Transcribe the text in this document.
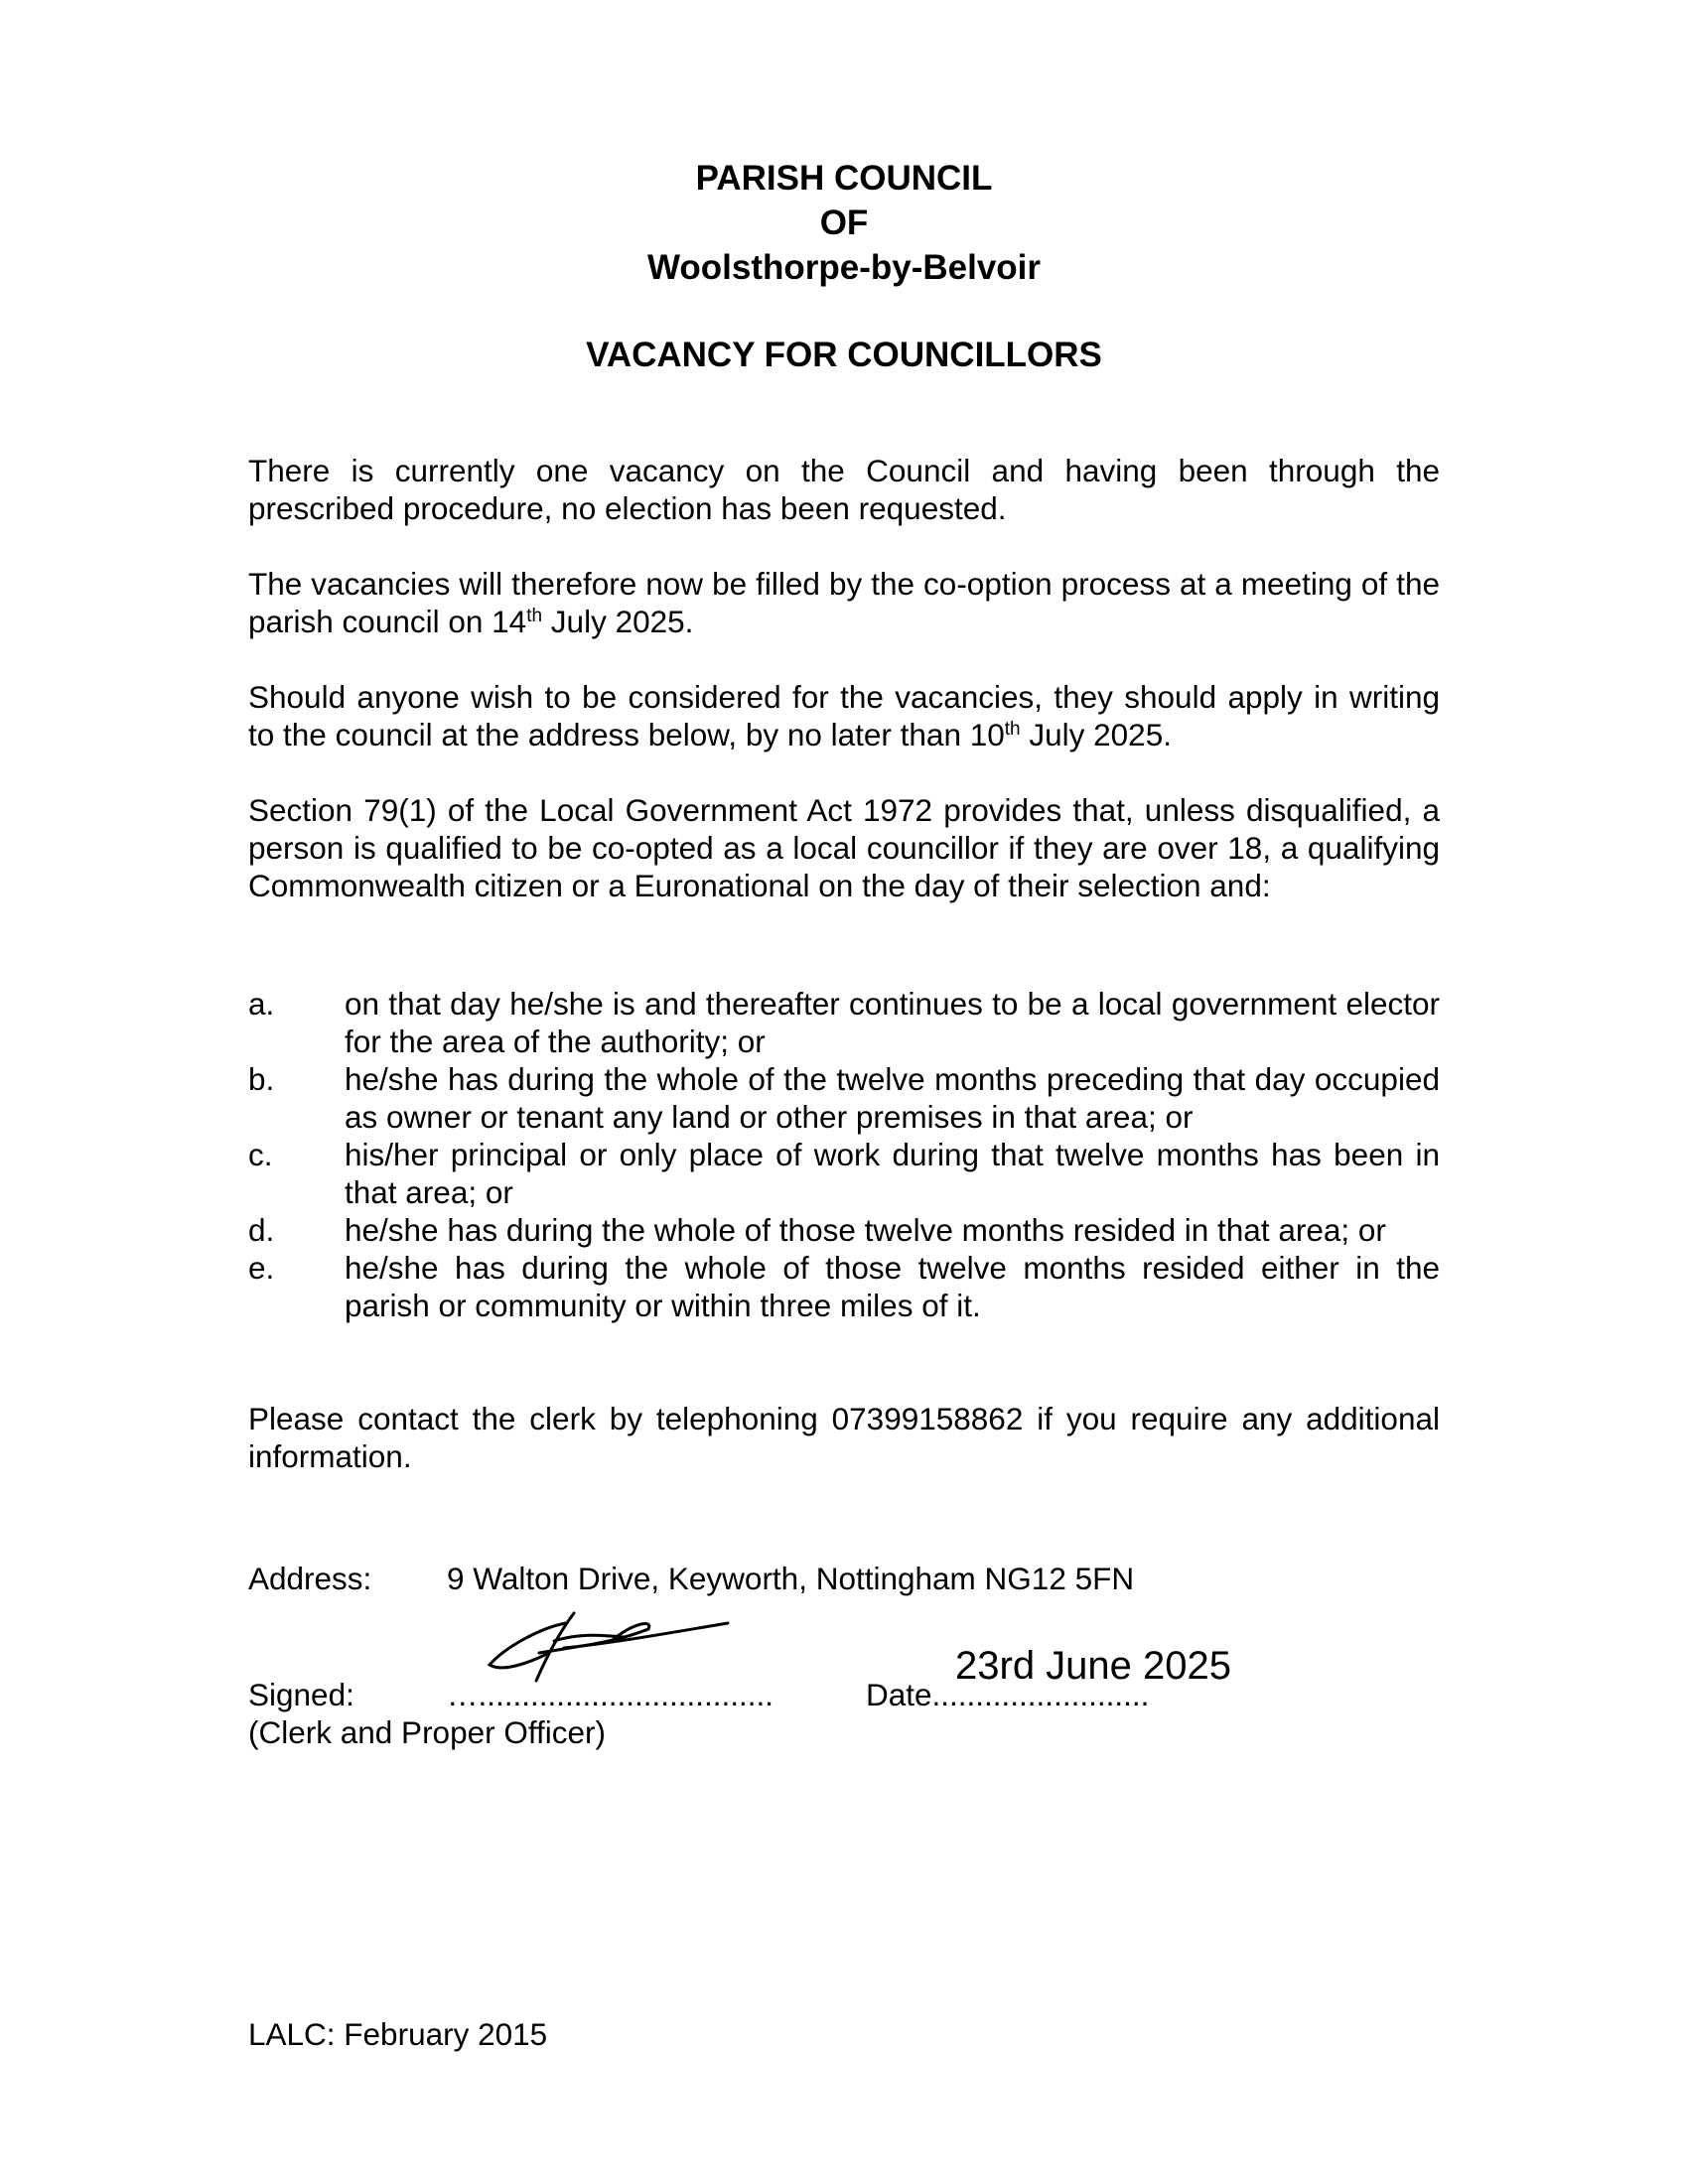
PARISH COUNCIL
OF
Woolsthorpe-by-Belvoir
VACANCY FOR COUNCILLORS

There is currently one vacancy on the Council and having been through the prescribed procedure, no election has been requested.

The vacancies will therefore now be filled by the co-option process at a meeting of the parish council on 14th July 2025.

Should anyone wish to be considered for the vacancies, they should apply in writing to the council at the address below, by no later than 10th July 2025.

Section 79(1) of the Local Government Act 1972 provides that, unless disqualified, a person is qualified to be co-opted as a local councillor if they are over 18, a qualifying Commonwealth citizen or a Euronational on the day of their selection and:

a.	on that day he/she is and thereafter continues to be a local government elector for the area of the authority; or
b.	he/she has during the whole of the twelve months preceding that day occupied as owner or tenant any land or other premises in that area; or
c.	his/her principal or only place of work during that twelve months has been in that area; or
d.	he/she has during the whole of those twelve months resided in that area; or
e.	he/she has during the whole of those twelve months resided either in the parish or community or within three miles of it.

Please contact the clerk by telephoning 07399158862 if you require any additional information.

Address: 9 Walton Drive, Keyworth, Nottingham NG12 5FN
Signed:	…..................................	Date.........................
23rd June 2025
(Clerk and Proper Officer)
LALC: February 2015
